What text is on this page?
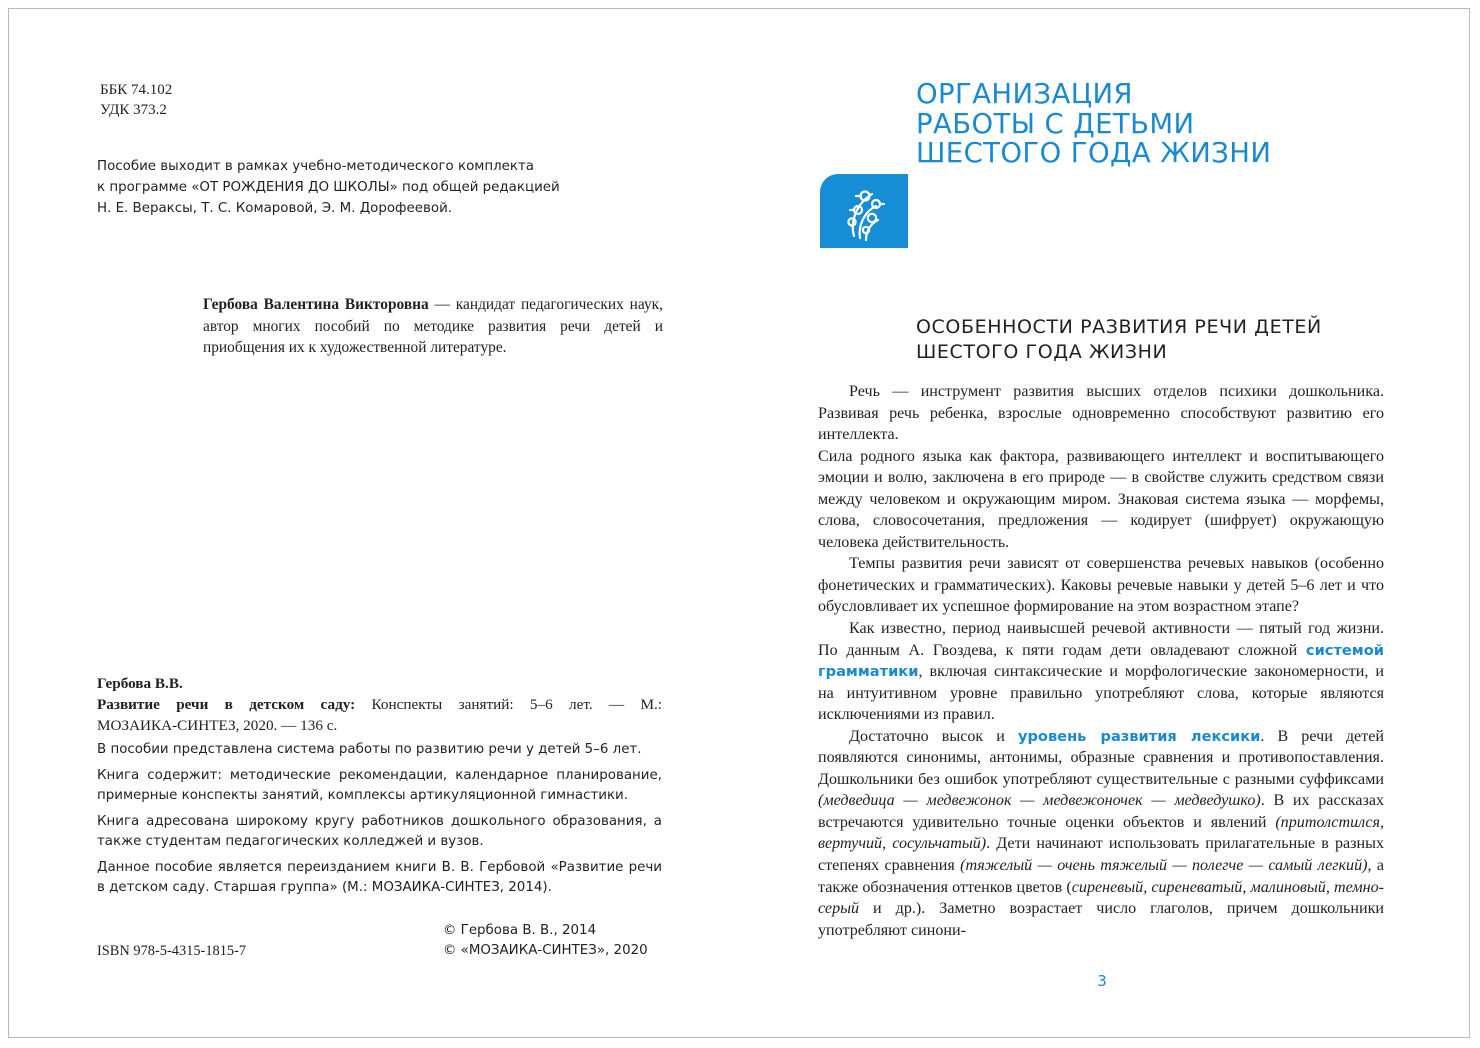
ББК 74.102
УДК 373.2
Пособие выходит в рамках учебно-методического комплекта
к программе «ОТ РОЖДЕНИЯ ДО ШКОЛЫ» под общей редакцией
Н. Е. Вераксы, Т. С. Комаровой, Э. М. Дорофеевой.
Гербова Валентина Викторовна — кандидат педагогических наук, автор многих пособий по методике развития речи детей и приобщения их к художественной литературе.
Гербова В.В.
Развитие речи в детском саду: Конспекты занятий: 5–6 лет. — М.:
МОЗАИКА-СИНТЕЗ, 2020. — 136 с.

В пособии представлена система работы по развитию речи у детей 5–6 лет.

Книга содержит: методические рекомендации, календарное планирование, примерные конспекты занятий, комплексы артикуляционной гимнастики.

Книга адресована широкому кругу работников дошкольного образования, а также студентам педагогических колледжей и вузов.

Данное пособие является переизданием книги В. В. Гербовой «Развитие речи в детском саду. Старшая группа» (М.: МОЗАИКА-СИНТЕЗ, 2014).

ISBN 978-5-4315-1815-7
© Гербова В. В., 2014
© «МОЗАИКА-СИНТЕЗ», 2020
ОРГАНИЗАЦИЯ
РАБОТЫ С ДЕТЬМИ
ШЕСТОГО ГОДА ЖИЗНИ
ОСОБЕННОСТИ РАЗВИТИЯ РЕЧИ ДЕТЕЙ
ШЕСТОГО ГОДА ЖИЗНИ

Речь — инструмент развития высших отделов психики дошкольника. Развивая речь ребенка, взрослые одновременно способствуют развитию его интеллекта.

Сила родного языка как фактора, развивающего интеллект и воспитывающего эмоции и волю, заключена в его природе — в свойстве служить средством связи между человеком и окружающим миром. Знаковая система языка — морфемы, слова, словосочетания, предложения — кодирует (шифрует) окружающую человека действительность.

Темпы развития речи зависят от совершенства речевых навыков (особенно фонетических и грамматических). Каковы речевые навыки у детей 5–6 лет и что обусловливает их успешное формирование на этом возрастном этапе?

Как известно, период наивысшей речевой активности — пятый год жизни. По данным А. Гвоздева, к пяти годам дети овладевают сложной системой грамматики, включая синтаксические и морфологические закономерности, и на интуитивном уровне правильно употребляют слова, которые являются исключениями из правил.

Достаточно высок и уровень развития лексики. В речи детей появляются синонимы, антонимы, образные сравнения и противопоставления. Дошкольники без ошибок употребляют существительные с разными суффиксами (медведица — медвежонок — медвежоночек — медведушко). В их рассказах встречаются удивительно точные оценки объектов и явлений (притолстился, вертучий, сосульчатый). Дети начинают использовать прилагательные в разных степенях сравнения (тяжелый — очень тяжелый — полегче — самый легкий), а также обозначения оттенков цветов (сиреневый, сиреневатый, малиновый, темно-серый и др.). Заметно возрастает число глаголов, причем дошкольники употребляют синони-

3
